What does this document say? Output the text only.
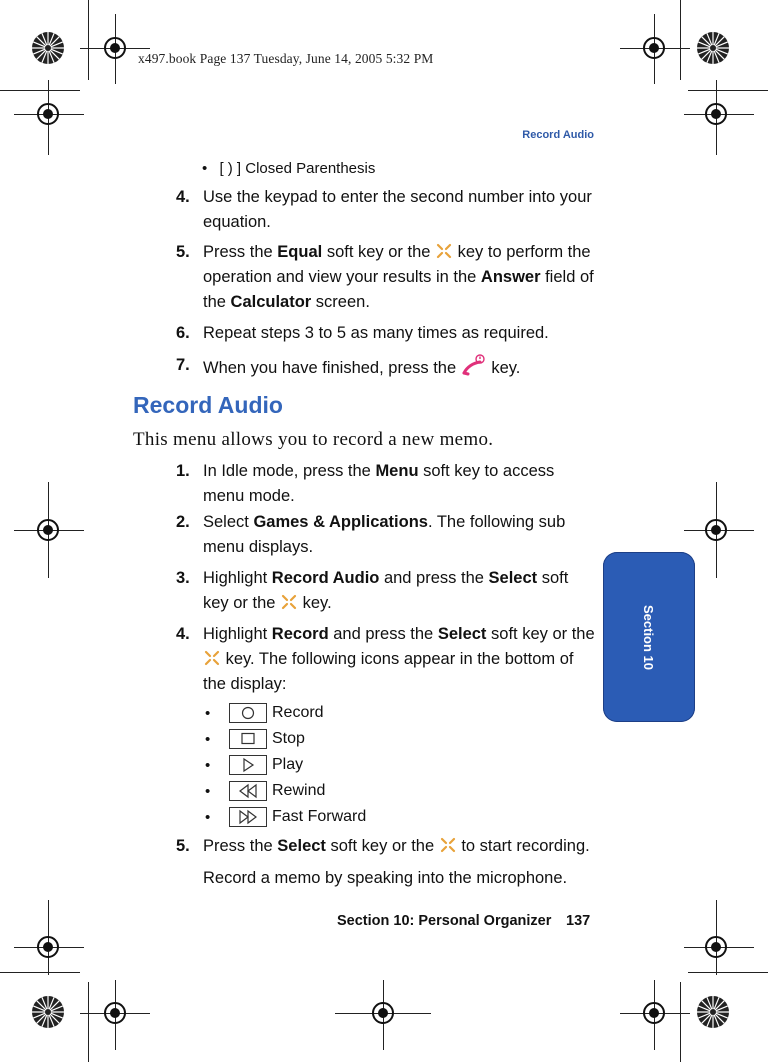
x497.book Page 137 Tuesday, June 14, 2005 5:32 PM
Record Audio
• [ ) ] Closed Parenthesis
4. Use the keypad to enter the second number into your equation.
5. Press the Equal soft key or the  key to perform the operation and view your results in the Answer field of the Calculator screen.
6. Repeat steps 3 to 5 as many times as required.
7. When you have finished, press the  key.
Record Audio
This menu allows you to record a new memo.
1. In Idle mode, press the Menu soft key to access menu mode.
2. Select Games & Applications. The following sub menu displays.
3. Highlight Record Audio and press the Select soft key or the  key.
4. Highlight Record and press the Select soft key or the  key. The following icons appear in the bottom of the display:
•	Record
•	Stop
•	Play
•	Rewind
•	Fast Forward
5. Press the Select soft key or the  to start recording.
Record a memo by speaking into the microphone.
Section 10
Section 10: Personal Organizer 137
